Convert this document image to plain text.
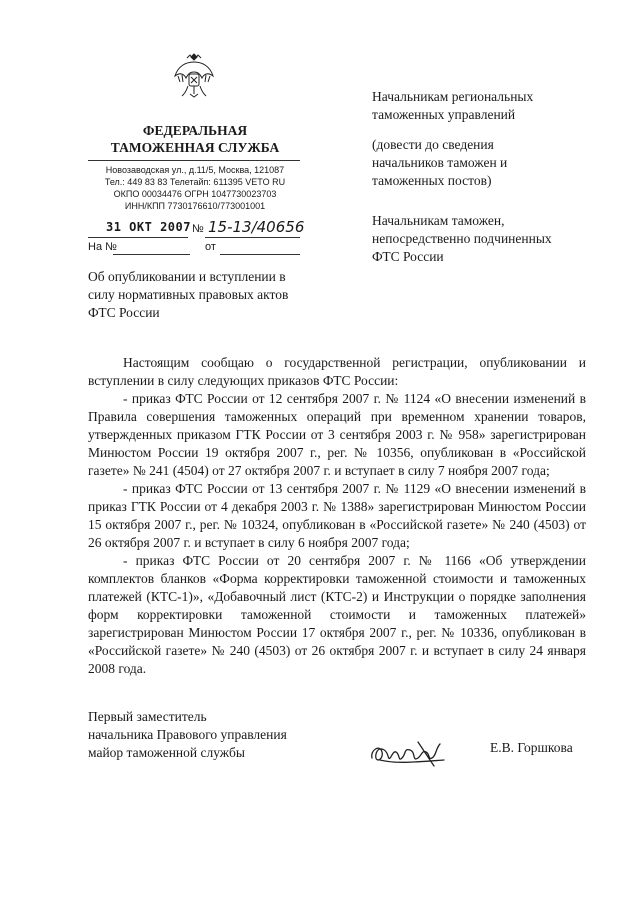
ФЕДЕРАЛЬНАЯ
ТАМОЖЕННАЯ СЛУЖБА
Новозаводская ул., д.11/5, Москва, 121087
Тел.: 449 83 83 Телетайп: 611395 VETO RU
ОКПО 00034476 ОГРН 1047730023703
ИНН/КПП 7730176610/773001001
31 ОКТ 2007 № 15-13/40656
На №	от
Начальникам региональных
таможенных управлений
(довести до сведения
начальников таможен и
таможенных постов)
Начальникам таможен,
непосредственно подчиненных
ФТС России
Об опубликовании и вступлении в
силу нормативных правовых актов
ФТС России

Настоящим сообщаю о государственной регистрации, опубликовании и вступлении в силу следующих приказов ФТС России:

- приказ ФТС России от 12 сентября 2007 г. № 1124 «О внесении изменений в Правила совершения таможенных операций при временном хранении товаров, утвержденных приказом ГТК России от 3 сентября 2003 г. № 958» зарегистрирован Минюстом России 19 октября 2007 г., рег. № 10356, опубликован в «Российской газете» № 241 (4504) от 27 октября 2007 г. и вступает в силу 7 ноября 2007 года;

- приказ ФТС России от 13 сентября 2007 г. № 1129 «О внесении изменений в приказ ГТК России от 4 декабря 2003 г. № 1388» зарегистрирован Минюстом России 15 октября 2007 г., рег. № 10324, опубликован в «Российской газете» № 240 (4503) от 26 октября 2007 г. и вступает в силу 6 ноября 2007 года;

- приказ ФТС России от 20 сентября 2007 г. № 1166 «Об утверждении комплектов бланков «Форма корректировки таможенной стоимости и таможенных платежей (КТС-1)», «Добавочный лист (КТС-2) и Инструкции о порядке заполнения форм корректировки таможенной стоимости и таможенных платежей» зарегистрирован Минюстом России 17 октября 2007 г., рег. № 10336, опубликован в «Российской газете» № 240 (4503) от 26 октября 2007 г. и вступает в силу 24 января 2008 года.

Первый заместитель
начальника Правового управления
майор таможенной службы	Е.В. Горшкова
